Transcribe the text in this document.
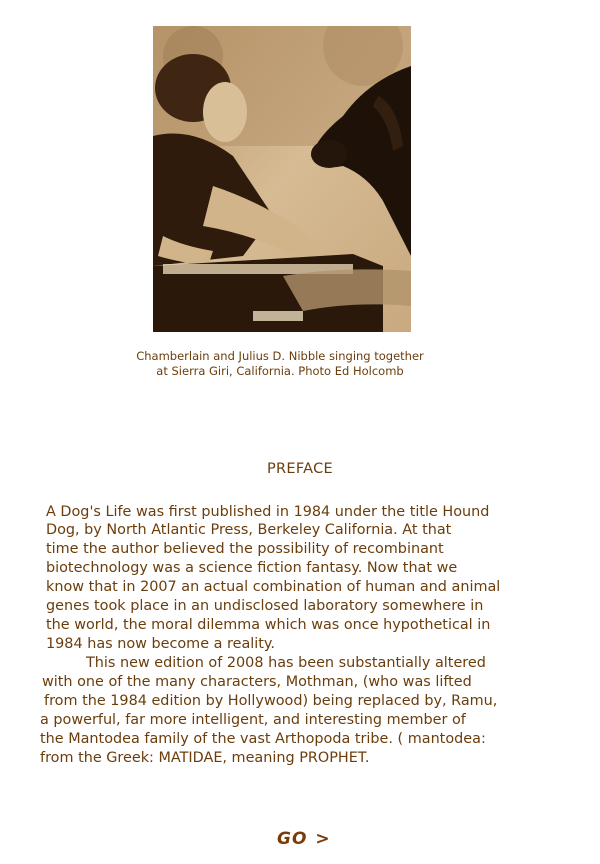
Chamberlain and Julius D. Nibble singing together
at Sierra Giri, California. Photo Ed Holcomb
PREFACE
A Dog's Life was first published in 1984 under the title Hound
Dog, by North Atlantic Press, Berkeley California. At that
time the author believed the possibility of recombinant
biotechnology was a science fiction fantasy. Now that we
know that in 2007 an actual combination of human and animal
genes took place in an undisclosed laboratory somewhere in
the world, the moral dilemma which was once hypothetical in
1984 has now become a reality.
This new edition of 2008 has been substantially altered
with one of the many characters, Mothman, (who was lifted
from the 1984 edition by Hollywood) being replaced by, Ramu,
a powerful, far more intelligent, and interesting member of
the Mantodea family of the vast Arthopoda tribe. ( mantodea:
from the Greek: MATIDAE, meaning PROPHET.
GO >
